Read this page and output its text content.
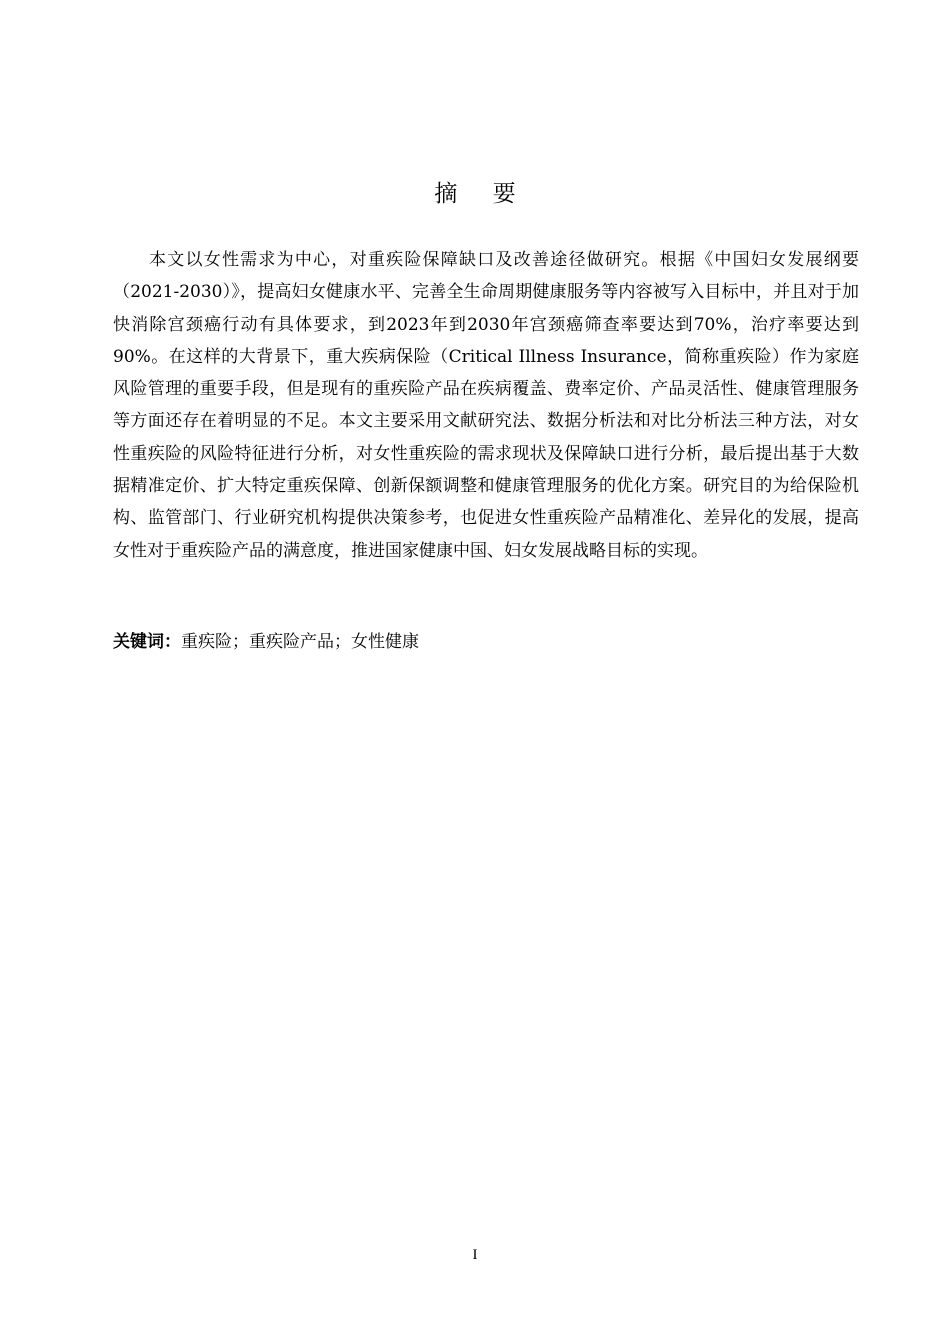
摘 要

本文以女性需求为中心，对重疾险保障缺口及改善途径做研究。根据《中国妇女发展纲要（2021-2030）》，提高妇女健康水平、完善全生命周期健康服务等内容被写入目标中，并且对于加快消除宫颈癌行动有具体要求，到2023年到2030年宫颈癌筛查率要达到70%，治疗率要达到90%。在这样的大背景下，重大疾病保险（Critical Illness Insurance，简称重疾险）作为家庭风险管理的重要手段，但是现有的重疾险产品在疾病覆盖、费率定价、产品灵活性、健康管理服务等方面还存在着明显的不足。本文主要采用文献研究法、数据分析法和对比分析法三种方法，对女性重疾险的风险特征进行分析，对女性重疾险的需求现状及保障缺口进行分析，最后提出基于大数据精准定价、扩大特定重疾保障、创新保额调整和健康管理服务的优化方案。研究目的为给保险机构、监管部门、行业研究机构提供决策参考，也促进女性重疾险产品精准化、差异化的发展，提高女性对于重疾险产品的满意度，推进国家健康中国、妇女发展战略目标的实现。

关键词：重疾险；重疾险产品；女性健康

I
